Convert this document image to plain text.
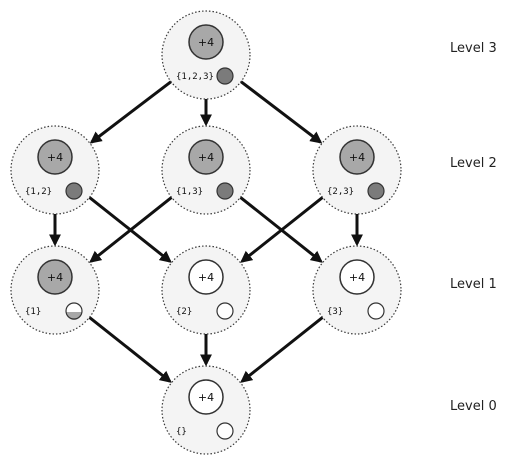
+4
{1,2,3}
+4
{1,2}
+4
{1,3}
+4
{2,3}
+4
{1}
+4
{2}
+4
{3}
+4
{}
Level 3
Level 2
Level 1
Level 0
